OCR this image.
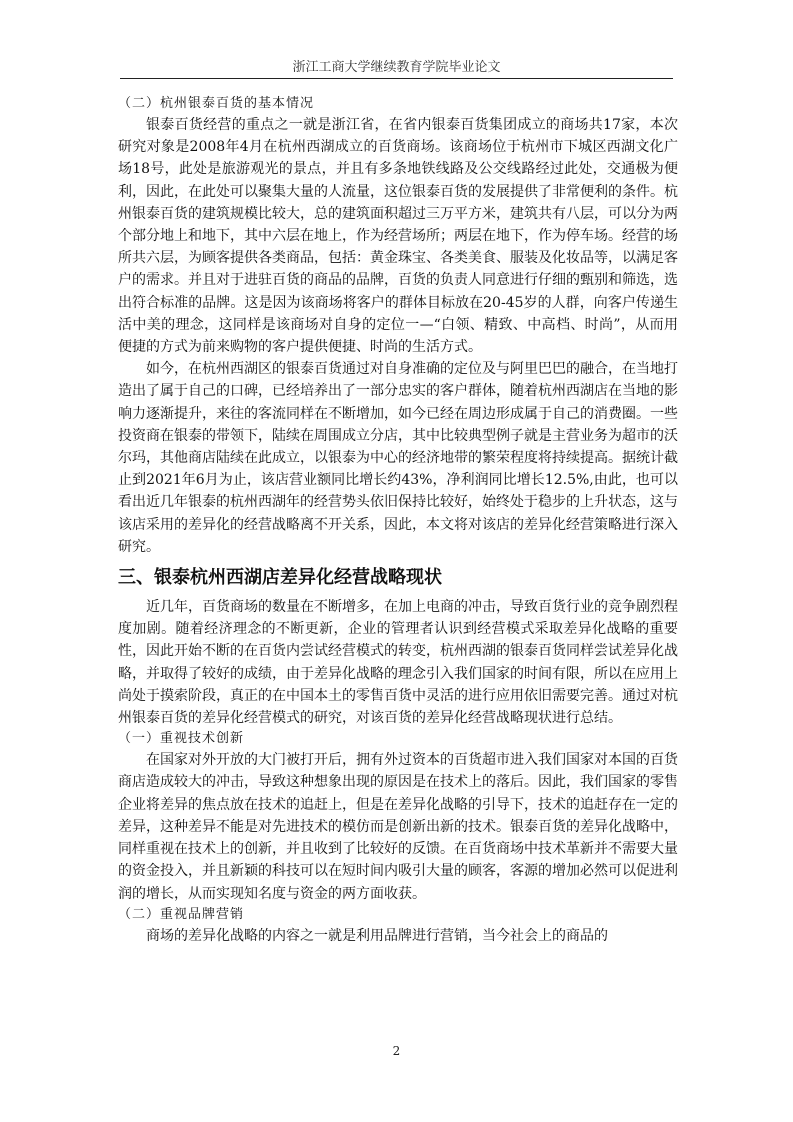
浙江工商大学继续教育学院毕业论文
（二）杭州银泰百货的基本情况

银泰百货经营的重点之一就是浙江省，在省内银泰百货集团成立的商场共17家，本次研究对象是2008年4月在杭州西湖成立的百货商场。该商场位于杭州市下城区西湖文化广场18号，此处是旅游观光的景点，并且有多条地铁线路及公交线路经过此处，交通极为便利，因此，在此处可以聚集大量的人流量，这位银泰百货的发展提供了非常便利的条件。杭州银泰百货的建筑规模比较大，总的建筑面积超过三万平方米，建筑共有八层，可以分为两个部分地上和地下，其中六层在地上，作为经营场所；两层在地下，作为停车场。经营的场所共六层，为顾客提供各类商品，包括：黄金珠宝、各类美食、服装及化妆品等，以满足客户的需求。并且对于进驻百货的商品的品牌，百货的负责人同意进行仔细的甄别和筛选，选出符合标准的品牌。这是因为该商场将客户的群体目标放在20-45岁的人群，向客户传递生活中美的理念，这同样是该商场对自身的定位一—“白领、精致、中高档、时尚”，从而用便捷的方式为前来购物的客户提供便捷、时尚的生活方式。

如今，在杭州西湖区的银泰百货通过对自身准确的定位及与阿里巴巴的融合，在当地打造出了属于自己的口碑，已经培养出了一部分忠实的客户群体，随着杭州西湖店在当地的影响力逐渐提升，来往的客流同样在不断增加，如今已经在周边形成属于自己的消费圈。一些投资商在银泰的带领下，陆续在周围成立分店，其中比较典型例子就是主营业务为超市的沃尔玛，其他商店陆续在此成立，以银泰为中心的经济地带的繁荣程度将持续提高。据统计截止到2021年6月为止，该店营业额同比增长约43%，净利润同比增长12.5%,由此，也可以看出近几年银泰的杭州西湖年的经营势头依旧保持比较好，始终处于稳步的上升状态，这与该店采用的差异化的经营战略离不开关系，因此，本文将对该店的差异化经营策略进行深入研究。

三、银泰杭州西湖店差异化经营战略现状

近几年，百货商场的数量在不断增多，在加上电商的冲击，导致百货行业的竞争剧烈程度加剧。随着经济理念的不断更新，企业的管理者认识到经营模式采取差异化战略的重要性，因此开始不断的在百货内尝试经营模式的转变，杭州西湖的银泰百货同样尝试差异化战略，并取得了较好的成绩，由于差异化战略的理念引入我们国家的时间有限，所以在应用上尚处于摸索阶段，真正的在中国本土的零售百货中灵活的进行应用依旧需要完善。通过对杭州银泰百货的差异化经营模式的研究，对该百货的差异化经营战略现状进行总结。

（一）重视技术创新

在国家对外开放的大门被打开后，拥有外过资本的百货超市进入我们国家对本国的百货商店造成较大的冲击，导致这种想象出现的原因是在技术上的落后。因此，我们国家的零售企业将差异的焦点放在技术的追赶上，但是在差异化战略的引导下，技术的追赶存在一定的差异，这种差异不能是对先进技术的模仿而是创新出新的技术。银泰百货的差异化战略中，同样重视在技术上的创新，并且收到了比较好的反馈。在百货商场中技术革新并不需要大量的资金投入，并且新颖的科技可以在短时间内吸引大量的顾客，客源的增加必然可以促进利润的增长，从而实现知名度与资金的两方面收获。

（二）重视品牌营销

商场的差异化战略的内容之一就是利用品牌进行营销，当今社会上的商品的

2
